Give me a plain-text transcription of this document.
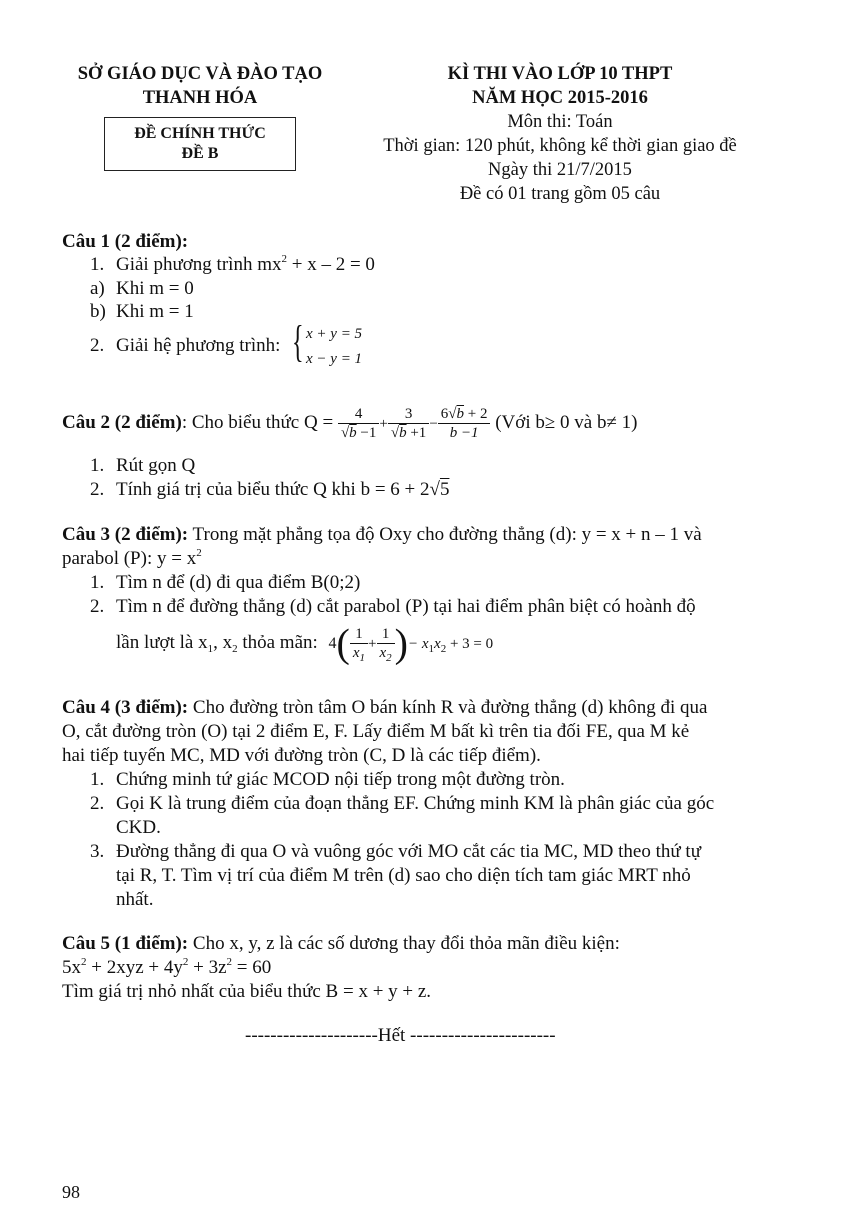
SỞ GIÁO DỤC VÀ ĐÀO TẠO
THANH HÓA
ĐỀ CHÍNH THỨC
ĐỀ B
KÌ THI VÀO LỚP 10 THPT
NĂM HỌC 2015-2016
Môn thi: Toán
Thời gian: 120 phút, không kể thời gian giao đề
Ngày thi 21/7/2015
Đề có 01 trang gồm 05 câu
Câu 1 (2 điểm):
1. Giải phương trình $mx^2 + x - 2 = 0$
a) Khi m = 0
b) Khi m = 1
2. Giải hệ phương trình: { x + y = 5
x − y = 1
Câu 2 (2 điểm): Cho biểu thức $Q = \frac{4}{√b -1} + \frac{3}{√b +1} - \frac{6√b + 2}{b -1}$ (Với b≥ 0 và b≠ 1)
1. Rút gọn Q
2. Tính giá trị của biểu thức Q khi b = 6 + 2√5
Câu 3 (2 điểm): Trong mặt phẳng tọa độ Oxy cho đường thẳng (d): y = x + n – 1 và
parabol (P): $y = x^2$
1. Tìm n để (d) đi qua điểm B(0;2)
2. Tìm n để đường thẳng (d) cắt parabol (P) tại hai điểm phân biệt có hoành độ
lần lượt là $x_1$, $x_2$ thỏa mãn: $4( \frac{1}{x_1} + \frac{1}{x_2}$ )− $x_1x_2 + 3 = 0$
Câu 4 (3 điểm): Cho đường tròn tâm O bán kính R và đường thẳng (d) không đi qua
O, cắt đường tròn (O) tại 2 điểm E, F. Lấy điểm M bất kì trên tia đối FE, qua M kẻ
hai tiếp tuyến MC, MD với đường tròn (C, D là các tiếp điểm).
1. Chứng minh tứ giác MCOD nội tiếp trong một đường tròn.
2. Gọi K là trung điểm của đoạn thẳng EF. Chứng minh KM là phân giác của góc
CKD.
3. Đường thẳng đi qua O và vuông góc với MO cắt các tia MC, MD theo thứ tự
tại R, T. Tìm vị trí của điểm M trên (d) sao cho diện tích tam giác MRT nhỏ
nhất.
Câu 5 (1 điểm): Cho x, y, z là các số dương thay đổi thỏa mãn điều kiện:
$5x^2 + 2xyz + 4y^2 + 3z^2 = 60$
Tìm giá trị nhỏ nhất của biểu thức B = x + y + z.
---------------------Hết -----------------------
98
